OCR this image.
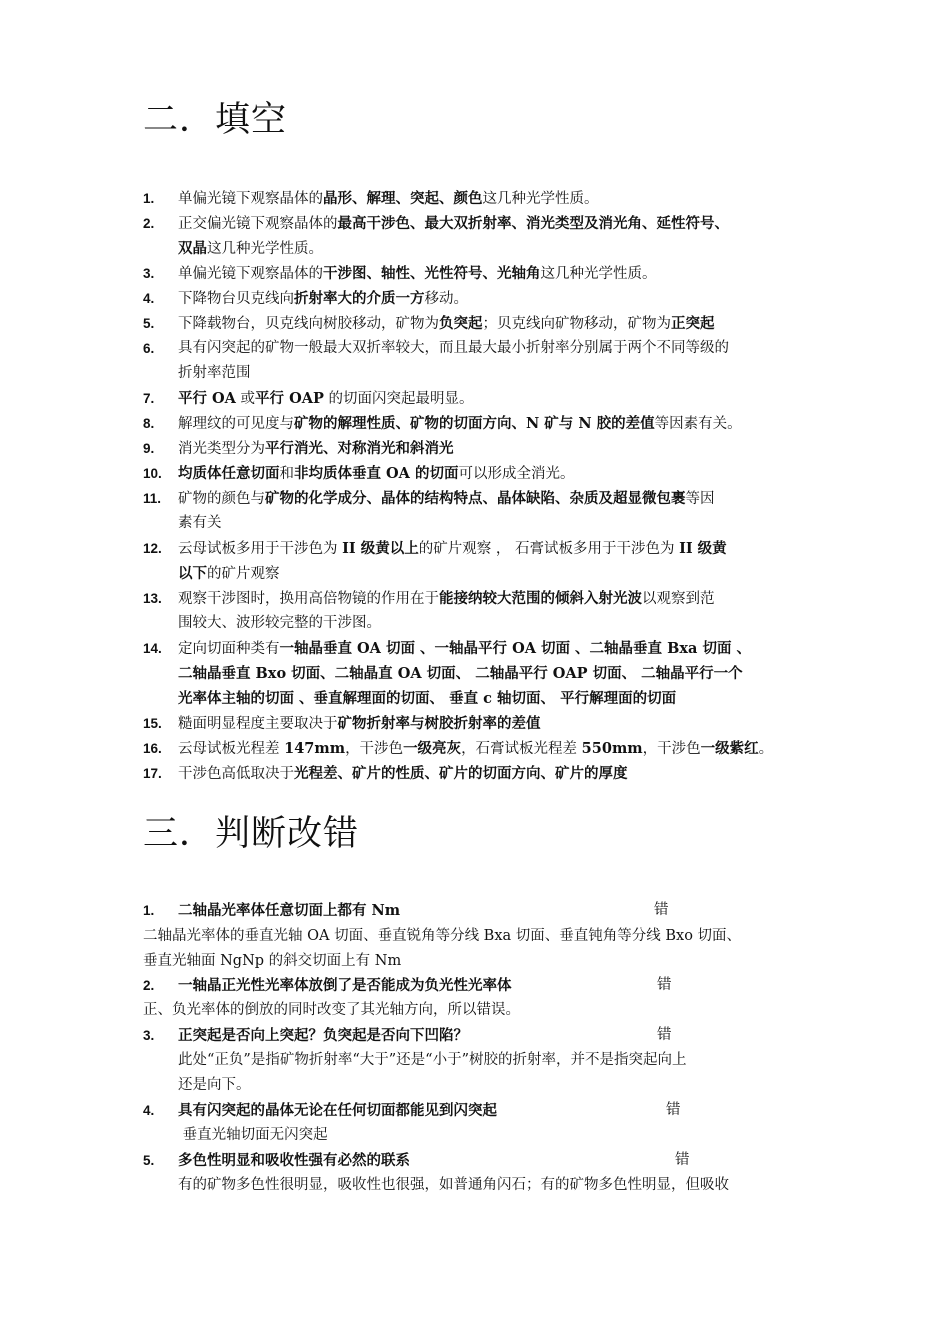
二．填空
1.	单偏光镜下观察晶体的晶形、解理、突起、颜色这几种光学性质。
2.	正交偏光镜下观察晶体的最高干涉色、最大双折射率、消光类型及消光角、延性符号、
双晶这几种光学性质。
3.	单偏光镜下观察晶体的干涉图、轴性、光性符号、光轴角这几种光学性质。
4.	下降物台贝克线向折射率大的介质一方移动。
5.	下降载物台，贝克线向树胶移动，矿物为负突起；贝克线向矿物移动，矿物为正突起
6.	具有闪突起的矿物一般最大双折率较大，而且最大最小折射率分别属于两个不同等级的
折射率范围
7.	平行 OA 或平行 OAP 的切面闪突起最明显。
8.	解理纹的可见度与矿物的解理性质、矿物的切面方向、N 矿与 N 胶的差值等因素有关。
9.	消光类型分为平行消光、对称消光和斜消光
10.	均质体任意切面和非均质体垂直 OA 的切面可以形成全消光。
11.	矿物的颜色与矿物的化学成分、晶体的结构特点、晶体缺陷、杂质及超显微包裹等因
素有关
12.	云母试板多用于干涉色为 II 级黄以上的矿片观察 ， 石膏试板多用于干涉色为 II 级黄
以下的矿片观察
13.	观察干涉图时，换用高倍物镜的作用在于能接纳较大范围的倾斜入射光波以观察到范
围较大、波形较完整的干涉图。
14.	定向切面种类有一轴晶垂直 OA 切面 、一轴晶平行 OA 切面 、二轴晶垂直 Bxa 切面 、
二轴晶垂直 Bxo 切面、二轴晶直 OA 切面、 二轴晶平行 OAP 切面、 二轴晶平行一个
光率体主轴的切面 、垂直解理面的切面、 垂直 c 轴切面、 平行解理面的切面
15.	糙面明显程度主要取决于矿物折射率与树胶折射率的差值
16.	云母试板光程差 147mm，干涉色一级亮灰，石膏试板光程差 550mm，干涉色一级紫红。
17.	干涉色高低取决于光程差、矿片的性质、矿片的切面方向、矿片的厚度
三．判断改错
1.	二轴晶光率体任意切面上都有 Nm	错
二轴晶光率体的垂直光轴 OA 切面、垂直锐角等分线 Bxa 切面、垂直钝角等分线 Bxo 切面、
垂直光轴面 NgNp 的斜交切面上有 Nm
2.	一轴晶正光性光率体放倒了是否能成为负光性光率体	错
正、负光率体的倒放的同时改变了其光轴方向，所以错误。
3.	正突起是否向上突起？负突起是否向下凹陷？	错
此处“正负”是指矿物折射率“大于”还是“小于”树胶的折射率，并不是指突起向上
还是向下。
4.	具有闪突起的晶体无论在任何切面都能见到闪突起	错
垂直光轴切面无闪突起
5.	多色性明显和吸收性强有必然的联系	错
有的矿物多色性很明显，吸收性也很强，如普通角闪石；有的矿物多色性明显，但吸收
